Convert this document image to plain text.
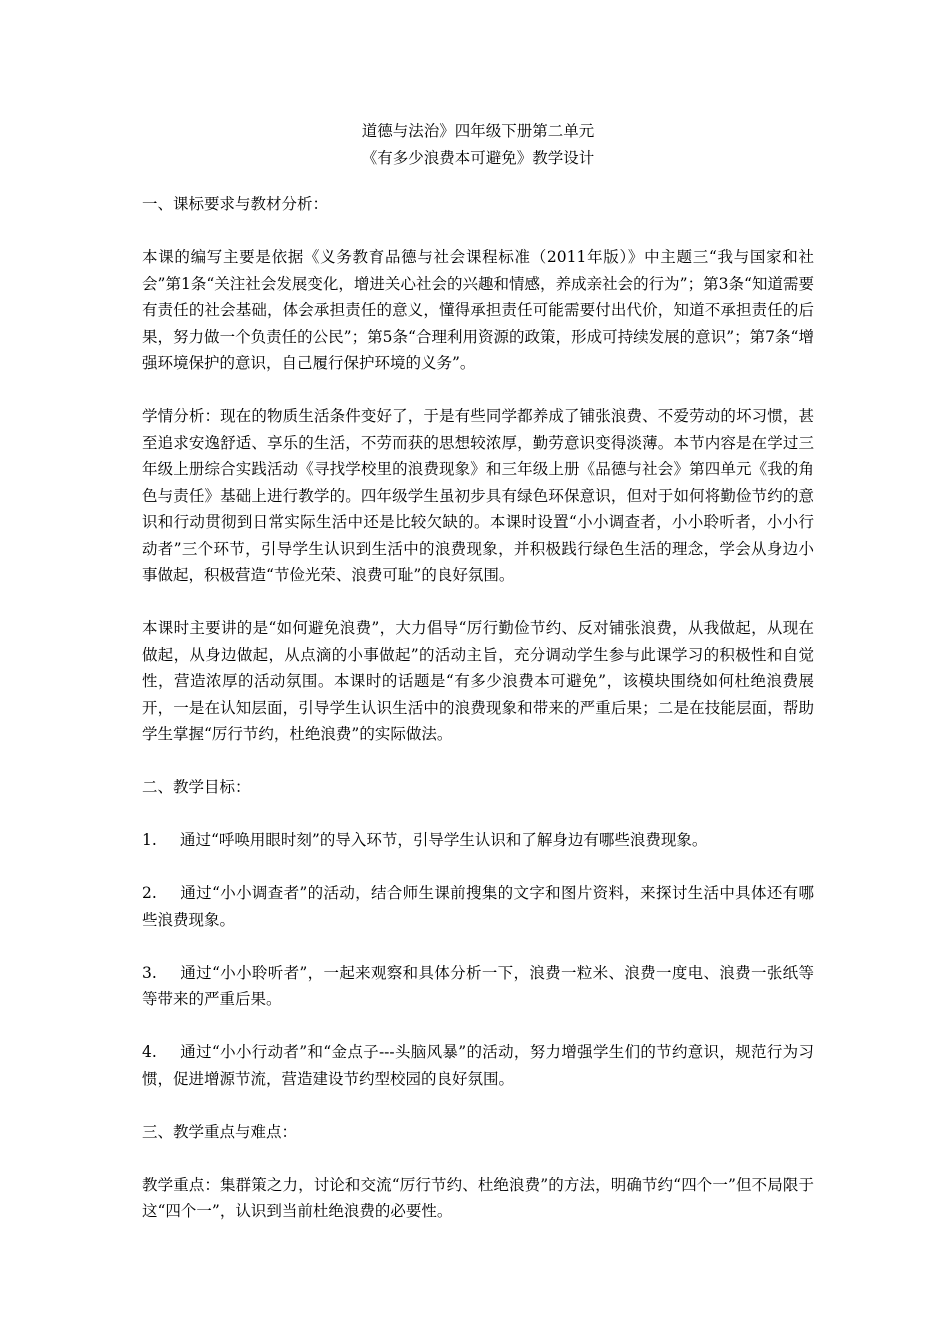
道德与法治》四年级下册第二单元

《有多少浪费本可避免》教学设计

一、课标要求与教材分析：

本课的编写主要是依据《义务教育品德与社会课程标准（2011年版）》中主题三“我与国家和社会”第1条“关注社会发展变化，增进关心社会的兴趣和情感，养成亲社会的行为”；第3条“知道需要有责任的社会基础，体会承担责任的意义，懂得承担责任可能需要付出代价，知道不承担责任的后果，努力做一个负责任的公民”；第5条“合理利用资源的政策，形成可持续发展的意识”；第7条“增强环境保护的意识，自己履行保护环境的义务”。

学情分析：现在的物质生活条件变好了，于是有些同学都养成了铺张浪费、不爱劳动的坏习惯，甚至追求安逸舒适、享乐的生活，不劳而获的思想较浓厚，勤劳意识变得淡薄。本节内容是在学过三年级上册综合实践活动《寻找学校里的浪费现象》和三年级上册《品德与社会》第四单元《我的角色与责任》基础上进行教学的。四年级学生虽初步具有绿色环保意识，但对于如何将勤俭节约的意识和行动贯彻到日常实际生活中还是比较欠缺的。本课时设置“小小调查者，小小聆听者，小小行动者”三个环节，引导学生认识到生活中的浪费现象，并积极践行绿色生活的理念，学会从身边小事做起，积极营造“节俭光荣、浪费可耻”的良好氛围。

本课时主要讲的是“如何避免浪费”，大力倡导“厉行勤俭节约、反对铺张浪费，从我做起，从现在做起，从身边做起，从点滴的小事做起”的活动主旨，充分调动学生参与此课学习的积极性和自觉性，营造浓厚的活动氛围。本课时的话题是“有多少浪费本可避免”，该模块围绕如何杜绝浪费展开，一是在认知层面，引导学生认识生活中的浪费现象和带来的严重后果；二是在技能层面，帮助学生掌握“厉行节约，杜绝浪费”的实际做法。

二、教学目标：

1. 通过“呼唤用眼时刻”的导入环节，引导学生认识和了解身边有哪些浪费现象。

2. 通过“小小调查者”的活动，结合师生课前搜集的文字和图片资料，来探讨生活中具体还有哪些浪费现象。

3. 通过“小小聆听者”，一起来观察和具体分析一下，浪费一粒米、浪费一度电、浪费一张纸等等带来的严重后果。

4. 通过“小小行动者”和“金点子---头脑风暴”的活动，努力增强学生们的节约意识，规范行为习惯，促进增源节流，营造建设节约型校园的良好氛围。

三、教学重点与难点：

教学重点：集群策之力，讨论和交流“厉行节约、杜绝浪费”的方法，明确节约“四个一”但不局限于这“四个一”，认识到当前杜绝浪费的必要性。
